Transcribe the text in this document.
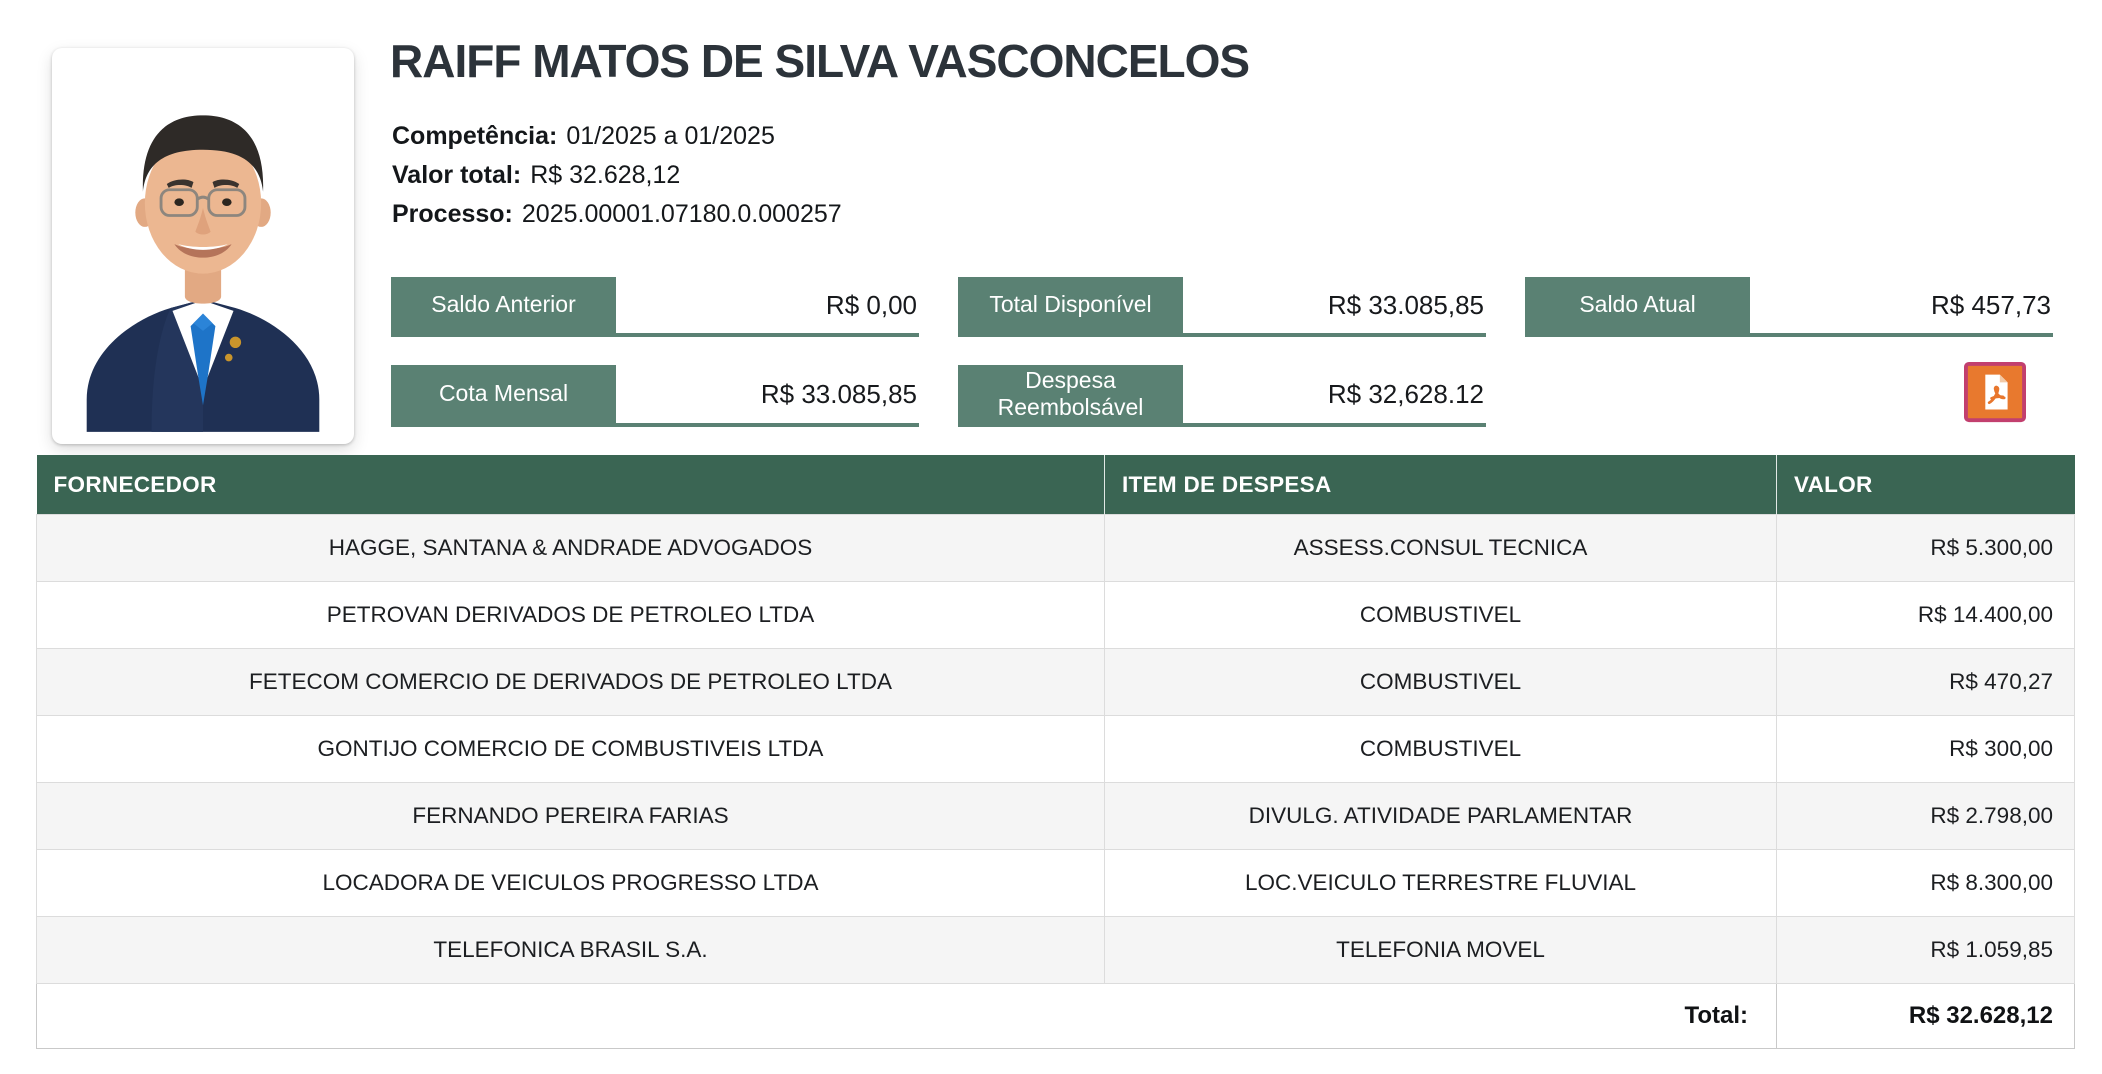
RAIFF MATOS DE SILVA VASCONCELOS
Competência: 01/2025 a 01/2025
Valor total: R$ 32.628,12
Processo: 2025.00001.07180.0.000257
Saldo Anterior	R$ 0,00	Total Disponível	R$ 33.085,85	Saldo Atual	R$ 457,73
Cota Mensal	R$ 33.085,85	Despesa Reembolsável	R$ 32,628.12
FORNECEDOR	ITEM DE DESPESA	VALOR
HAGGE, SANTANA & ANDRADE ADVOGADOS	ASSESS.CONSUL TECNICA	R$ 5.300,00
PETROVAN DERIVADOS DE PETROLEO LTDA	COMBUSTIVEL	R$ 14.400,00
FETECOM COMERCIO DE DERIVADOS DE PETROLEO LTDA	COMBUSTIVEL	R$ 470,27
GONTIJO COMERCIO DE COMBUSTIVEIS LTDA	COMBUSTIVEL	R$ 300,00
FERNANDO PEREIRA FARIAS	DIVULG. ATIVIDADE PARLAMENTAR	R$ 2.798,00
LOCADORA DE VEICULOS PROGRESSO LTDA	LOC.VEICULO TERRESTRE FLUVIAL	R$ 8.300,00
TELEFONICA BRASIL S.A.	TELEFONIA MOVEL	R$ 1.059,85
Total:		R$ 32.628,12
